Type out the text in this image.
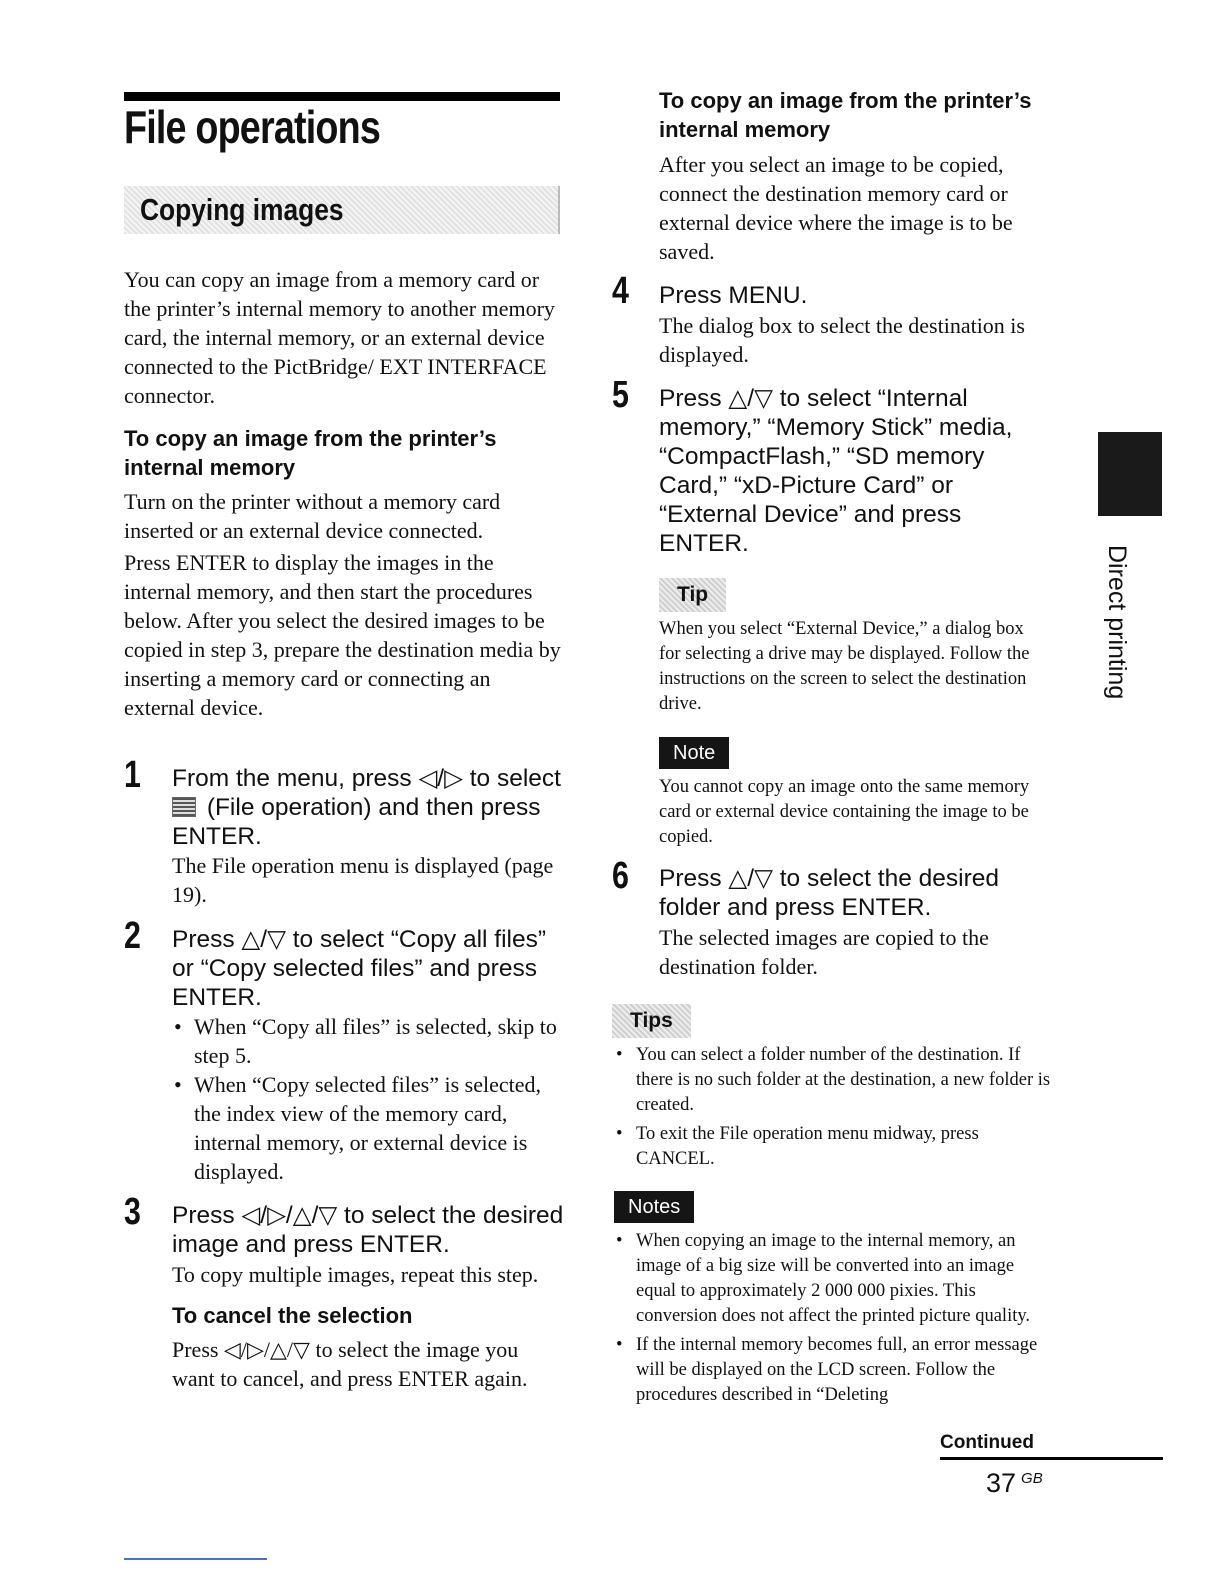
File operations
Copying images
You can copy an image from a memory card or the printer’s internal memory to another memory card, the internal memory, or an external device connected to the PictBridge/ EXT INTERFACE connector.
To copy an image from the printer’s
internal memory
Turn on the printer without a memory card inserted or an external device connected.
Press ENTER to display the images in the internal memory, and then start the procedures below. After you select the desired images to be copied in step 3, prepare the destination media by inserting a memory card or connecting an external device.
1 From the menu, press ◁/▷ to select
(File operation) and then press ENTER.
The File operation menu is displayed (page 19).
2 Press △/▽ to select “Copy all files” or “Copy selected files” and press ENTER.
• When “Copy all files” is selected, skip to step 5.
• When “Copy selected files” is selected, the index view of the memory card, internal memory, or external device is displayed.
3 Press ◁/▷/△/▽ to select the desired image and press ENTER.
To copy multiple images, repeat this step.
To cancel the selection
Press ◁/▷/△/▽ to select the image you want to cancel, and press ENTER again.
To copy an image from the printer’s
internal memory
After you select an image to be copied, connect the destination memory card or external device where the image is to be saved.
4 Press MENU.
The dialog box to select the destination is displayed.
5 Press △/▽ to select “Internal memory,” “Memory Stick” media, “CompactFlash,” “SD memory Card,” “xD-Picture Card” or “External Device” and press ENTER.
Tip
When you select “External Device,” a dialog box for selecting a drive may be displayed. Follow the instructions on the screen to select the destination drive.
Note
You cannot copy an image onto the same memory card or external device containing the image to be copied.
6 Press △/▽ to select the desired folder and press ENTER.
The selected images are copied to the destination folder.
Tips
• You can select a folder number of the destination. If there is no such folder at the destination, a new folder is created.
• To exit the File operation menu midway, press CANCEL.
Notes
• When copying an image to the internal memory, an image of a big size will be converted into an image equal to approximately 2 000 000 pixies. This conversion does not affect the printed picture quality.
• If the internal memory becomes full, an error message will be displayed on the LCD screen. Follow the procedures described in “Deleting
Direct printing
Continued
37 $^{GB}$
